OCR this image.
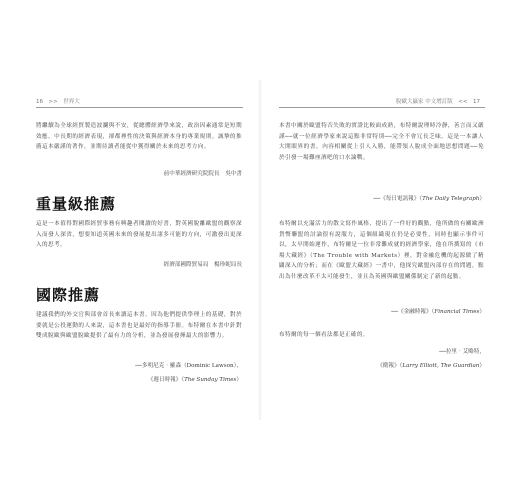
16　>>　世界大
將繼續為全球經貿製造波瀾與不安，從總體經濟學來說，政治因素通常是短期效應，中長期的經濟表現，卻都裡性的決策與經濟本身的專業規則。誠摯的推薦這本嚴謹的著作，並期待讀者能從中獲得關於未來的思考方向。
前中華經濟研究院院長　吳中書
重量級推薦
這是一本值得對國際經貿事務有興趣者閱讀的好書，對英國脫離歐盟的觀察深入而發人深省，想要知道英國未來的發展提出諸多可能的方向，可激發出更深入的思考。
經濟部國際貿易局　楊珍妮局長
國際推薦
建議我們的外交官與部會首長來讀這本書，因為他們提供學理上的基礎，對於要就是公投運動的人來說，這本書也是最好的指導手冊。布特爾在本書中針對雙成脫歐與歐盟脫歐提供了最有力的分析，並為發展發揮最大的影響力。
──多明尼克‧羅森（Dominic Lawson），
《週日時報》（The Sunday Times）
脫歐大贏家 中文增訂版　<<　17
本書中關於歐盟特否失敗的實證比較面成熟，布特爾說理時冷靜，善言而又嚴謹──就一位經濟學家來說這點非常特別──完全不會冗長乏味。這是一本讓人大開眼界的書，內容相關從上引人入勝，能帶領人脫成全面地思想問題──免於引發一場難座酒吧的口水論戰。
──《每日電訊報》（The Daily Telegraph）
布特爾以充滿活力的散文寫作風格，提出了一件好的觀點，他所做的有關歐洲貨幣聯盟的討論很有說服力，這個組織現在仍是必要性，同時也顯示事件可以，太早開始運作，布特爾是一位非常難成就的經濟學家，他在所撰寫的《市場大藏經》（The Trouble with Markets）裡，對金融危機的起源做了精闢深入的分析；而在《歐盟大藏經》一書中，他探究歐盟內部存在的問題，點出為什麼改革不太可能發生，並且為英國與歐盟關係制定了新的起點。
──《金融時報》（Financial Times）
布特爾的每一個看法都是正確的。
──拉里‧艾略特，
《衛報》（Larry Elliott, The Guardian）
